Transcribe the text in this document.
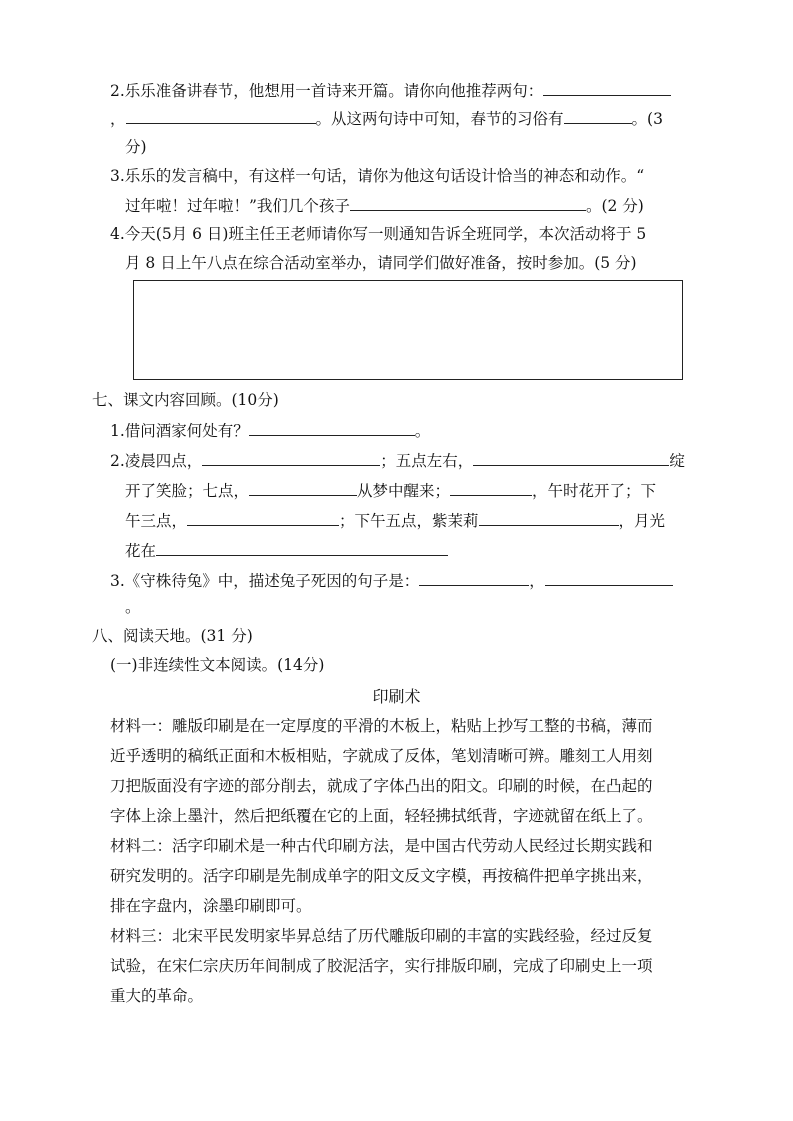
2.乐乐准备讲春节，他想用一首诗来开篇。请你向他推荐两句：
，	。从这两句诗中可知，春节的习俗有	。(3
分)
3.乐乐的发言稿中，有这样一句话，请你为他这句话设计恰当的神态和动作。“
过年啦！过年啦！”我们几个孩子	。(2 分)
4.今天(5月 6 日)班主任王老师请你写一则通知告诉全班同学，本次活动将于 5
月 8 日上午八点在综合活动室举办，请同学们做好准备，按时参加。(5 分)
七、课文内容回顾。(10分)
1.借问酒家何处有？	。
2.凌晨四点，	；五点左右，	绽
开了笑脸；七点，	从梦中醒来；	，午时花开了；下
午三点，	；下午五点，紫茉莉	，月光
花在
3.《守株待兔》中，描述兔子死因的句子是：	，
。
八、阅读天地。(31 分)
(一)非连续性文本阅读。(14分)
印刷术
材料一：雕版印刷是在一定厚度的平滑的木板上，粘贴上抄写工整的书稿，薄而
近乎透明的稿纸正面和木板相贴，字就成了反体，笔划清晰可辨。雕刻工人用刻
刀把版面没有字迹的部分削去，就成了字体凸出的阳文。印刷的时候，在凸起的
字体上涂上墨汁，然后把纸覆在它的上面，轻轻拂拭纸背，字迹就留在纸上了。
材料二：活字印刷术是一种古代印刷方法，是中国古代劳动人民经过长期实践和
研究发明的。活字印刷是先制成单字的阳文反文字模，再按稿件把单字挑出来，
排在字盘内，涂墨印刷即可。
材料三：北宋平民发明家毕昇总结了历代雕版印刷的丰富的实践经验，经过反复
试验，在宋仁宗庆历年间制成了胶泥活字，实行排版印刷，完成了印刷史上一项
重大的革命。
